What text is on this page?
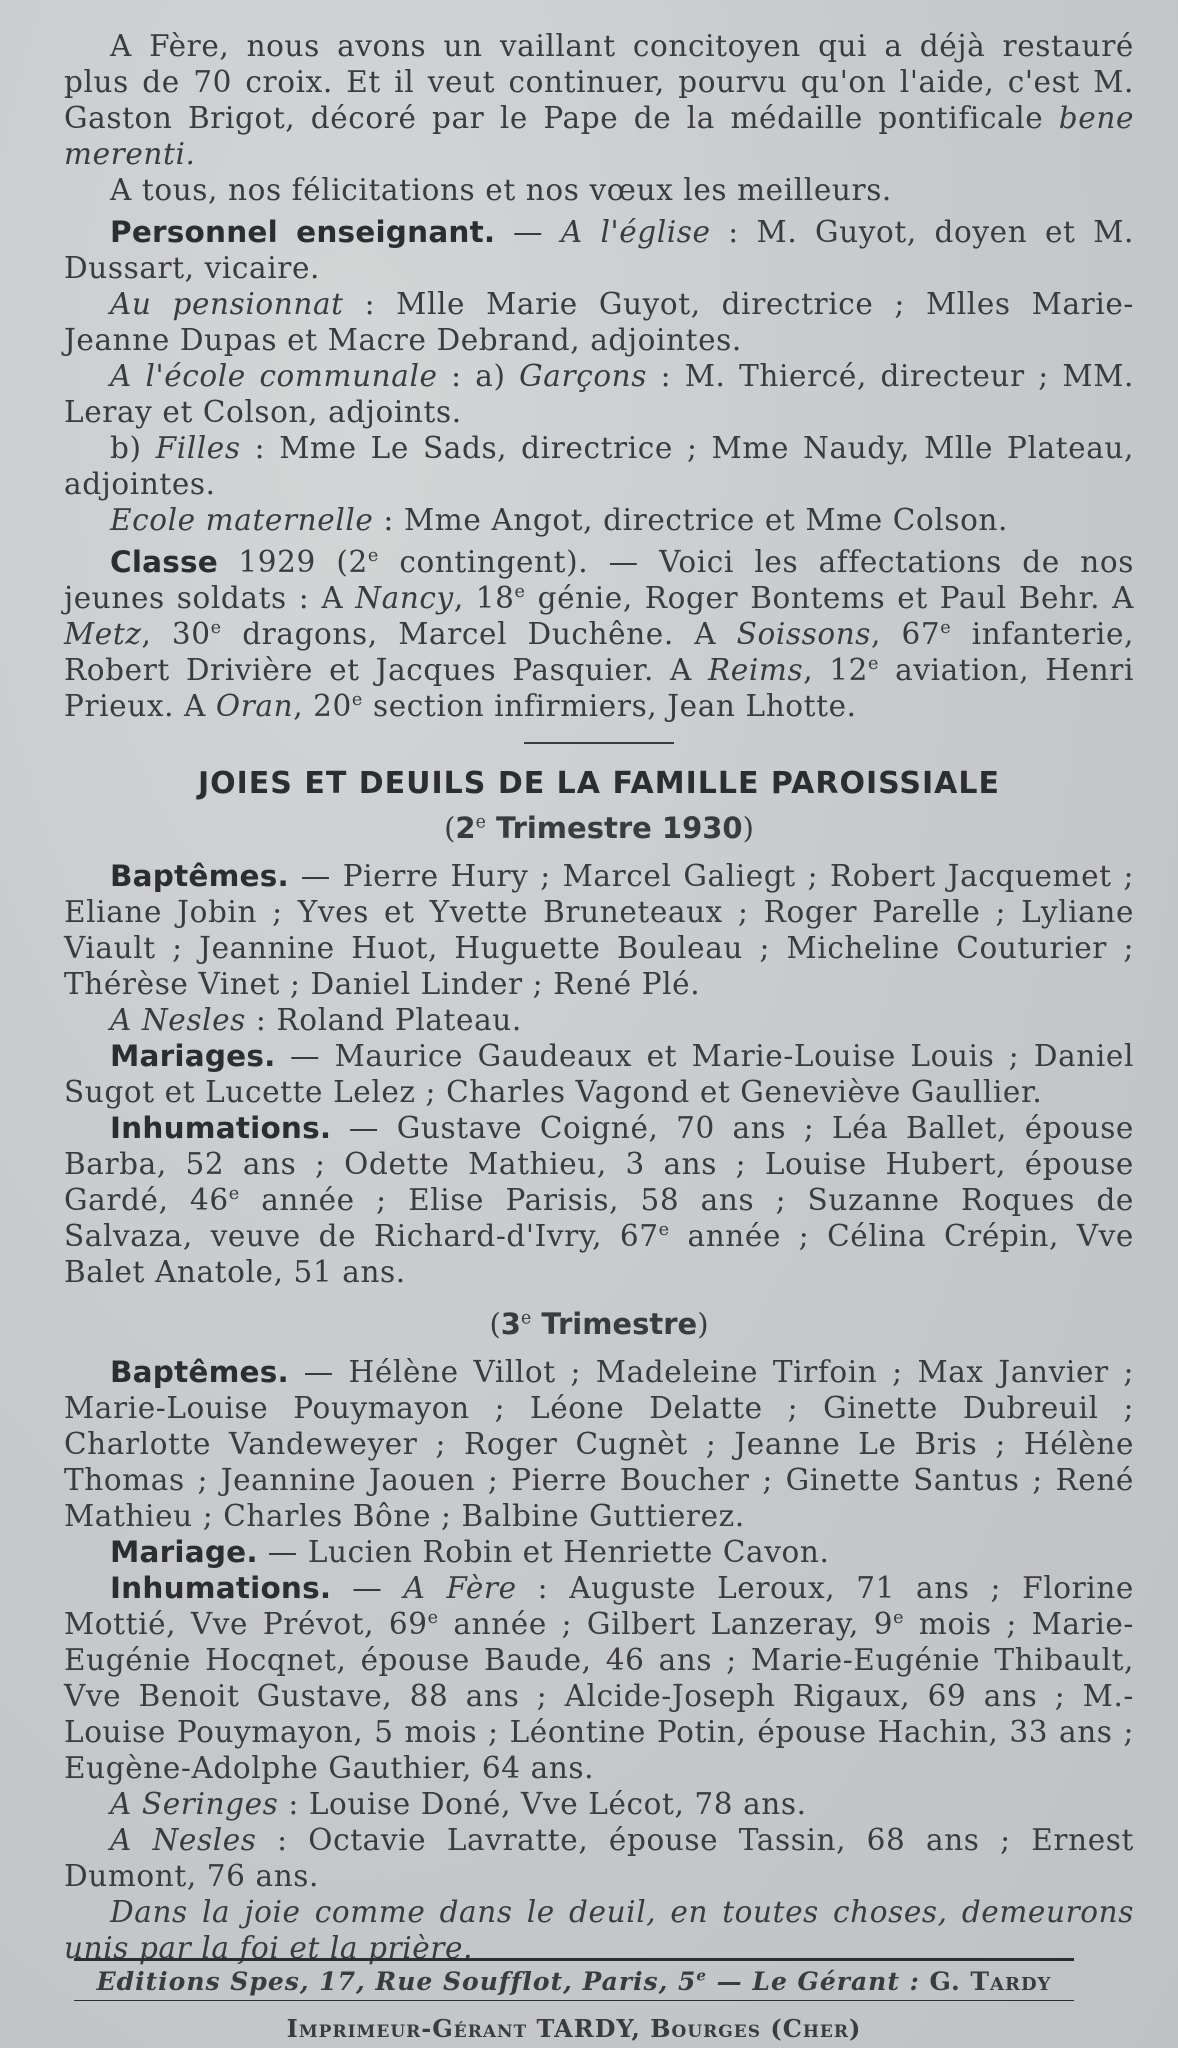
A Fère, nous avons un vaillant concitoyen qui a déjà restauré plus de 70 croix. Et il veut continuer, pourvu qu'on l'aide, c'est M. Gaston Brigot, décoré par le Pape de la médaille pontificale bene merenti.

A tous, nos félicitations et nos vœux les meilleurs.

Personnel enseignant. — A l'église : M. Guyot, doyen et M. Dussart, vicaire.

Au pensionnat : Mlle Marie Guyot, directrice ; Mlles Marie-Jeanne Dupas et Macre Debrand, adjointes.

A l'école communale : a) Garçons : M. Thiercé, directeur ; MM. Leray et Colson, adjoints.

b) Filles : Mme Le Sads, directrice ; Mme Naudy, Mlle Plateau, adjointes.

Ecole maternelle : Mme Angot, directrice et Mme Colson.

Classe 1929 (2e contingent). — Voici les affectations de nos jeunes soldats : A Nancy, 18e génie, Roger Bontems et Paul Behr. A Metz, 30e dragons, Marcel Duchêne. A Soissons, 67e infanterie, Robert Drivière et Jacques Pasquier. A Reims, 12e aviation, Henri Prieux. A Oran, 20e section infirmiers, Jean Lhotte.

JOIES ET DEUILS DE LA FAMILLE PAROISSIALE
(2e Trimestre 1930)

Baptêmes. — Pierre Hury ; Marcel Galiegt ; Robert Jacquemet ; Eliane Jobin ; Yves et Yvette Bruneteaux ; Roger Parelle ; Lyliane Viault ; Jeannine Huot, Huguette Bouleau ; Micheline Couturier ; Thérèse Vinet ; Daniel Linder ; René Plé.

A Nesles : Roland Plateau.

Mariages. — Maurice Gaudeaux et Marie-Louise Louis ; Daniel Sugot et Lucette Lelez ; Charles Vagond et Geneviève Gaullier.

Inhumations. — Gustave Coigné, 70 ans ; Léa Ballet, épouse Barba, 52 ans ; Odette Mathieu, 3 ans ; Louise Hubert, épouse Gardé, 46e année ; Elise Parisis, 58 ans ; Suzanne Roques de Salvaza, veuve de Richard-d'Ivry, 67e année ; Célina Crépin, Vve Balet Anatole, 51 ans.

(3e Trimestre)

Baptêmes. — Hélène Villot ; Madeleine Tirfoin ; Max Janvier ; Marie-Louise Pouymayon ; Léone Delatte ; Ginette Dubreuil ; Charlotte Vandeweyer ; Roger Cugnèt ; Jeanne Le Bris ; Hélène Thomas ; Jeannine Jaouen ; Pierre Boucher ; Ginette Santus ; René Mathieu ; Charles Bône ; Balbine Guttierez.

Mariage. — Lucien Robin et Henriette Cavon.

Inhumations. — A Fère : Auguste Leroux, 71 ans ; Florine Mottié, Vve Prévot, 69e année ; Gilbert Lanzeray, 9e mois ; Marie-Eugénie Hocqnet, épouse Baude, 46 ans ; Marie-Eugénie Thibault, Vve Benoit Gustave, 88 ans ; Alcide-Joseph Rigaux, 69 ans ; M.-Louise Pouymayon, 5 mois ; Léontine Potin, épouse Hachin, 33 ans ; Eugène-Adolphe Gauthier, 64 ans.

A Seringes : Louise Doné, Vve Lécot, 78 ans.

A Nesles : Octavie Lavratte, épouse Tassin, 68 ans ; Ernest Dumont, 76 ans.

Dans la joie comme dans le deuil, en toutes choses, demeurons unis par la foi et la prière.

Editions Spes, 17, Rue Soufflot, Paris, 5e — Le Gérant : G. Tardy
Imprimeur-Gérant TARDY, Bourges (Cher)
